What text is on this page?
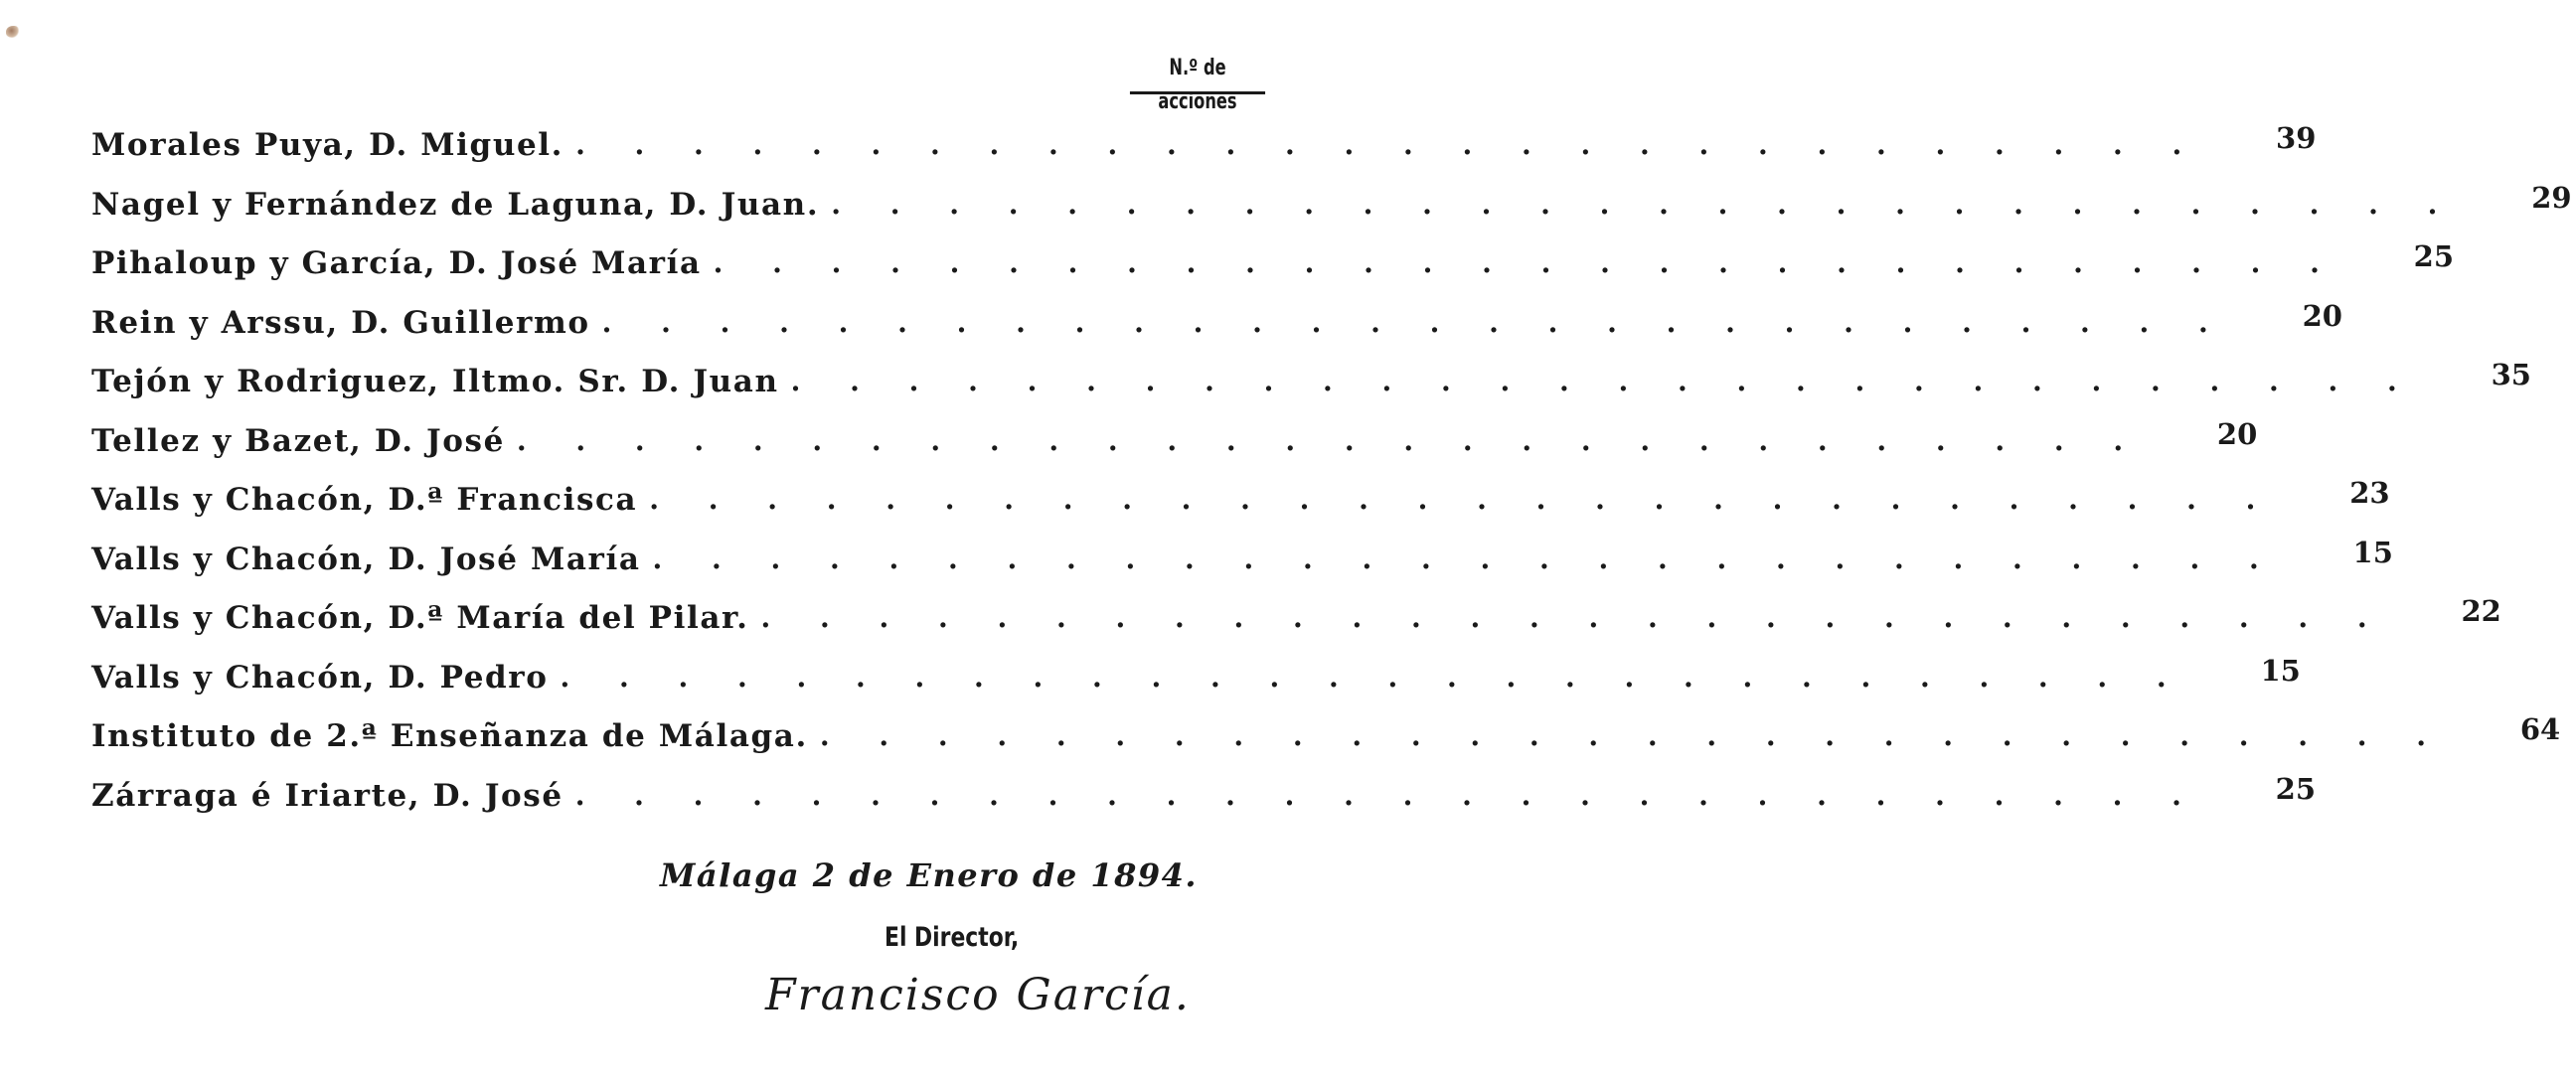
N.º de acciones
Morales Puya, D. Miguel. . . . . . . . . . . . . . . . . . . . . . . . . . . . .	39
Nagel y Fernández de Laguna, D. Juan. . . . . . . . . . . . . . . . . . . . . . . . . . . . .	29
Pihaloup y García, D. José María . . . . . . . . . . . . . . . . . . . . . . . . . . . .	25
Rein y Arssu, D. Guillermo . . . . . . . . . . . . . . . . . . . . . . . . . . . .	20
Tejón y Rodriguez, Iltmo. Sr. D. Juan . . . . . . . . . . . . . . . . . . . . . . . . . . . .	35
Tellez y Bazet, D. José . . . . . . . . . . . . . . . . . . . . . . . . . . . .	20
Valls y Chacón, D.ª Francisca . . . . . . . . . . . . . . . . . . . . . . . . . . . .	23
Valls y Chacón, D. José María . . . . . . . . . . . . . . . . . . . . . . . . . . . .	15
Valls y Chacón, D.ª María del Pilar. . . . . . . . . . . . . . . . . . . . . . . . . . . . .	22
Valls y Chacón, D. Pedro . . . . . . . . . . . . . . . . . . . . . . . . . . . .	15
Instituto de 2.ª Enseñanza de Málaga. . . . . . . . . . . . . . . . . . . . . . . . . . . . .	64
Zárraga é Iriarte, D. José . . . . . . . . . . . . . . . . . . . . . . . . . . . .	25
Málaga 2 de Enero de 1894.
El Director,
Francisco García.
